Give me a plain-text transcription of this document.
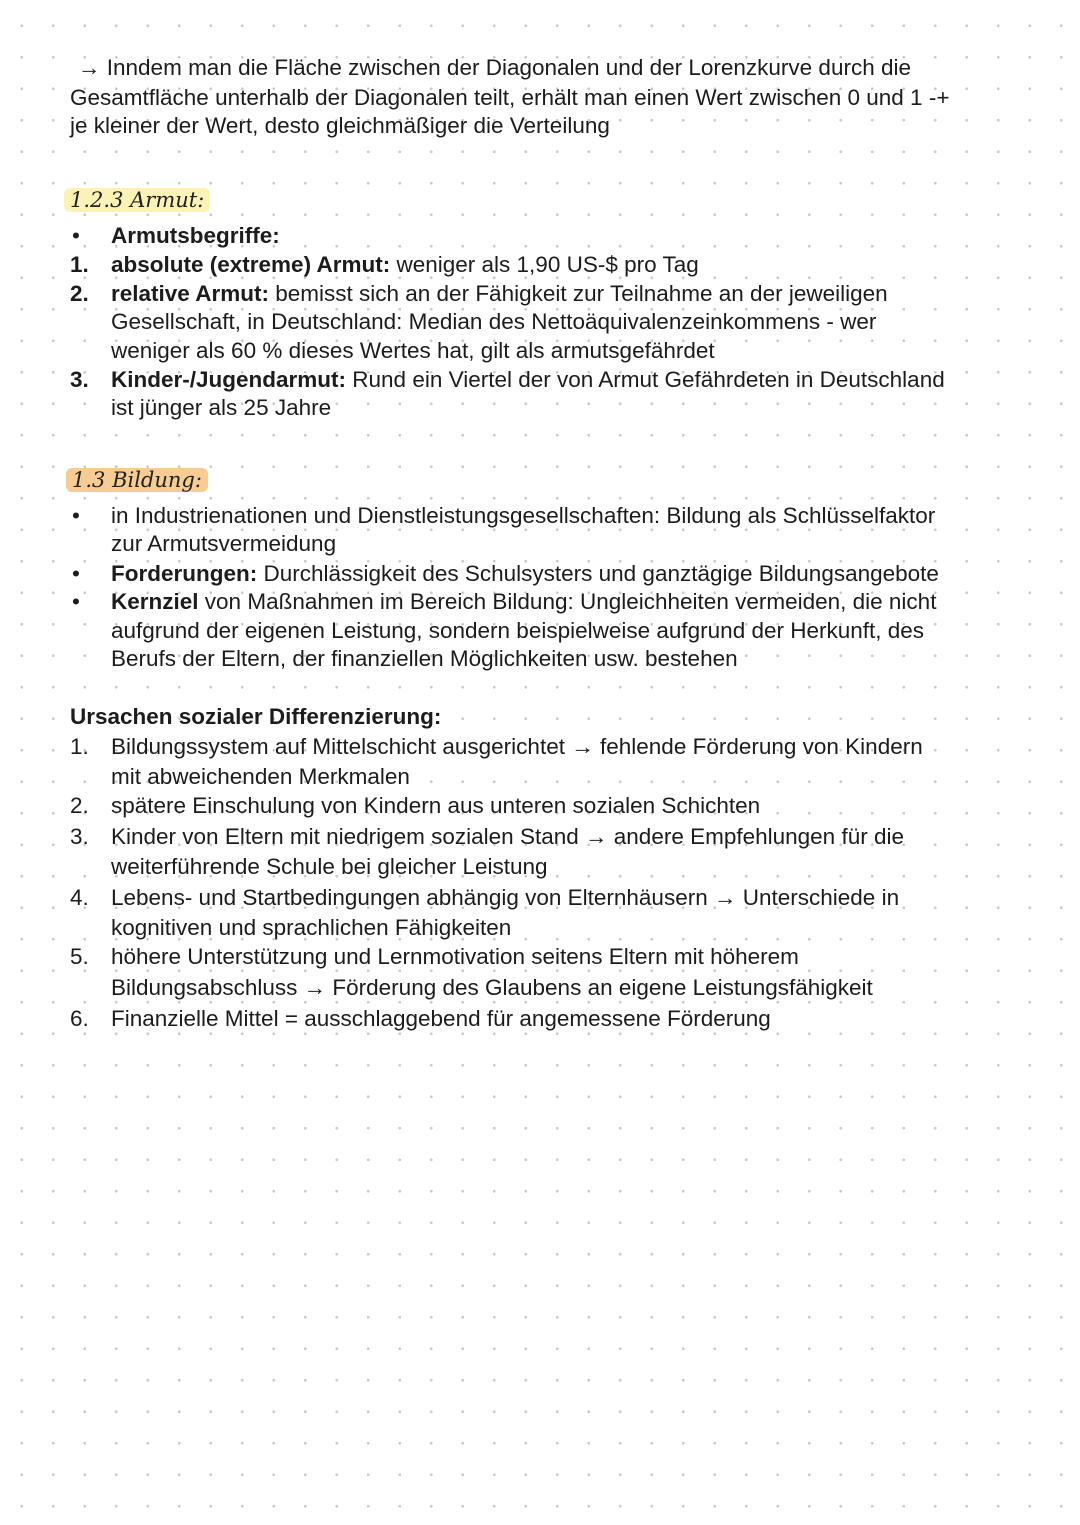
→ Inndem man die Fläche zwischen der Diagonalen und der Lorenzkurve durch die
Gesamtfläche unterhalb der Diagonalen teilt, erhält man einen Wert zwischen 0 und 1 -+
je kleiner der Wert, desto gleichmäßiger die Verteilung
1.2.3 Armut:
• Armutsbegriffe:
1. absolute (extreme) Armut: weniger als 1,90 US-$ pro Tag
2. relative Armut: bemisst sich an der Fähigkeit zur Teilnahme an der jeweiligen
Gesellschaft, in Deutschland: Median des Nettoäquivalenzeinkommens - wer
weniger als 60 % dieses Wertes hat, gilt als armutsgefährdet
3. Kinder-/Jugendarmut: Rund ein Viertel der von Armut Gefährdeten in Deutschland
ist jünger als 25 Jahre
1.3 Bildung:
• in Industrienationen und Dienstleistungsgesellschaften: Bildung als Schlüsselfaktor
zur Armutsvermeidung
• Forderungen: Durchlässigkeit des Schulsysters und ganztägige Bildungsangebote
• Kernziel von Maßnahmen im Bereich Bildung: Ungleichheiten vermeiden, die nicht
aufgrund der eigenen Leistung, sondern beispielweise aufgrund der Herkunft, des
Berufs der Eltern, der finanziellen Möglichkeiten usw. bestehen
Ursachen sozialer Differenzierung:
1. Bildungssystem auf Mittelschicht ausgerichtet → fehlende Förderung von Kindern
mit abweichenden Merkmalen
2. spätere Einschulung von Kindern aus unteren sozialen Schichten
3. Kinder von Eltern mit niedrigem sozialen Stand → andere Empfehlungen für die
weiterführende Schule bei gleicher Leistung
4. Lebens- und Startbedingungen abhängig von Elternhäusern → Unterschiede in
kognitiven und sprachlichen Fähigkeiten
5. höhere Unterstützung und Lernmotivation seitens Eltern mit höherem
Bildungsabschluss → Förderung des Glaubens an eigene Leistungsfähigkeit
6. Finanzielle Mittel = ausschlaggebend für angemessene Förderung
